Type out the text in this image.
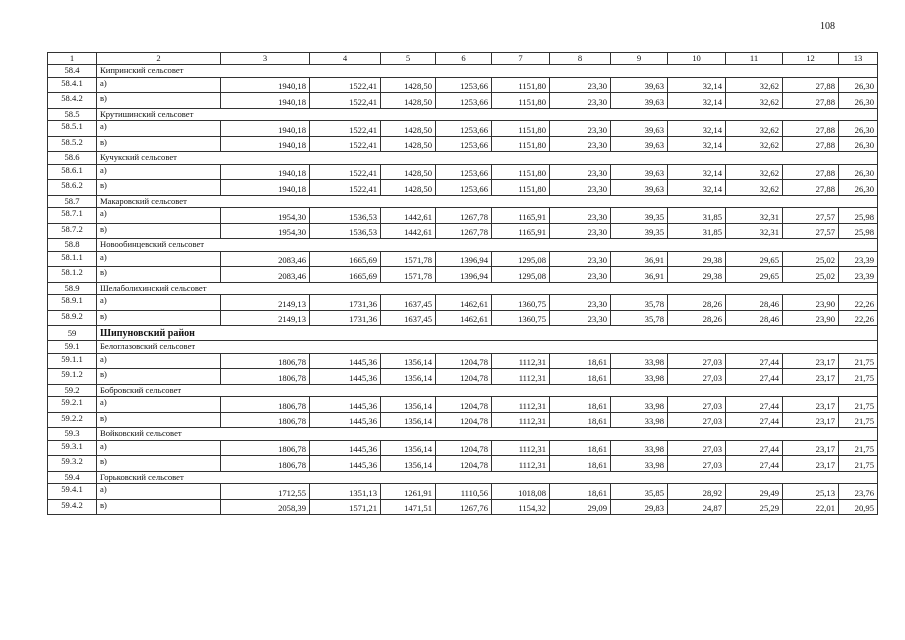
108
1	2	3	4	5	6	7	8	9	10	11	12	13
58.4	Кипринский сельсовет											
58.4.1	а)	1940,18	1522,41	1428,50	1253,66	1151,80	23,30	39,63	32,14	32,62	27,88	26,30
58.4.2	в)	1940,18	1522,41	1428,50	1253,66	1151,80	23,30	39,63	32,14	32,62	27,88	26,30
58.5	Крутишинский сельсовет											
58.5.1	а)	1940,18	1522,41	1428,50	1253,66	1151,80	23,30	39,63	32,14	32,62	27,88	26,30
58.5.2	в)	1940,18	1522,41	1428,50	1253,66	1151,80	23,30	39,63	32,14	32,62	27,88	26,30
58.6	Кучукский сельсовет											
58.6.1	а)	1940,18	1522,41	1428,50	1253,66	1151,80	23,30	39,63	32,14	32,62	27,88	26,30
58.6.2	в)	1940,18	1522,41	1428,50	1253,66	1151,80	23,30	39,63	32,14	32,62	27,88	26,30
58.7	Макаровский сельсовет											
58.7.1	а)	1954,30	1536,53	1442,61	1267,78	1165,91	23,30	39,35	31,85	32,31	27,57	25,98
58.7.2	в)	1954,30	1536,53	1442,61	1267,78	1165,91	23,30	39,35	31,85	32,31	27,57	25,98
58.8	Новообинцевский сельсовет											
58.1.1	а)	2083,46	1665,69	1571,78	1396,94	1295,08	23,30	36,91	29,38	29,65	25,02	23,39
58.1.2	в)	2083,46	1665,69	1571,78	1396,94	1295,08	23,30	36,91	29,38	29,65	25,02	23,39
58.9	Шелаболихинский сельсовет											
58.9.1	а)	2149,13	1731,36	1637,45	1462,61	1360,75	23,30	35,78	28,26	28,46	23,90	22,26
58.9.2	в)	2149,13	1731,36	1637,45	1462,61	1360,75	23,30	35,78	28,26	28,46	23,90	22,26
59	Шипуновский район											
59.1	Белоглазовский сельсовет											
59.1.1	а)	1806,78	1445,36	1356,14	1204,78	1112,31	18,61	33,98	27,03	27,44	23,17	21,75
59.1.2	в)	1806,78	1445,36	1356,14	1204,78	1112,31	18,61	33,98	27,03	27,44	23,17	21,75
59.2	Бобровский сельсовет											
59.2.1	а)	1806,78	1445,36	1356,14	1204,78	1112,31	18,61	33,98	27,03	27,44	23,17	21,75
59.2.2	в)	1806,78	1445,36	1356,14	1204,78	1112,31	18,61	33,98	27,03	27,44	23,17	21,75
59.3	Войковский сельсовет											
59.3.1	а)	1806,78	1445,36	1356,14	1204,78	1112,31	18,61	33,98	27,03	27,44	23,17	21,75
59.3.2	в)	1806,78	1445,36	1356,14	1204,78	1112,31	18,61	33,98	27,03	27,44	23,17	21,75
59.4	Горьковский сельсовет											
59.4.1	а)	1712,55	1351,13	1261,91	1110,56	1018,08	18,61	35,85	28,92	29,49	25,13	23,76
59.4.2	в)	2058,39	1571,21	1471,51	1267,76	1154,32	29,09	29,83	24,87	25,29	22,01	20,95
